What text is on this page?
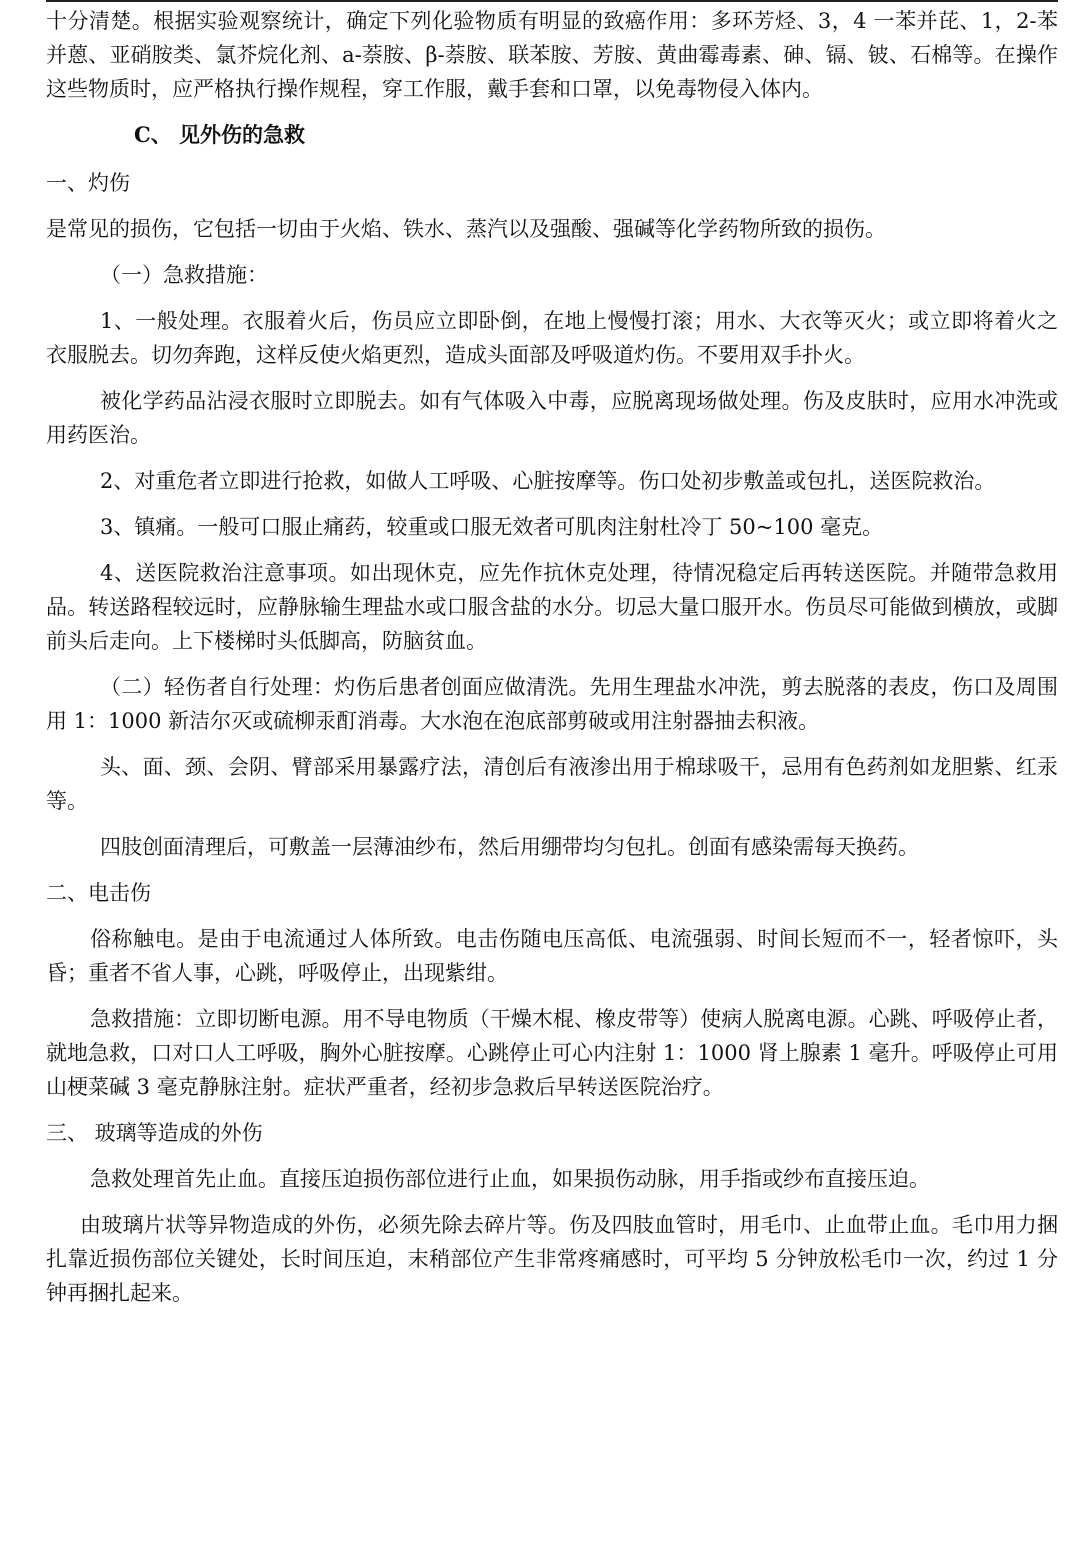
十分清楚。根据实验观察统计，确定下列化验物质有明显的致癌作用：多环芳烃、3，4 一苯并芘、1，2-苯并蒽、亚硝胺类、氯芥烷化剂、a-萘胺、β-萘胺、联苯胺、芳胺、黄曲霉毒素、砷、镉、铍、石棉等。在操作这些物质时，应严格执行操作规程，穿工作服，戴手套和口罩，以免毒物侵入体内。

C、 见外伤的急救

一、灼伤

是常见的损伤，它包括一切由于火焰、铁水、蒸汽以及强酸、强碱等化学药物所致的损伤。

（一）急救措施：

1、一般处理。衣服着火后，伤员应立即卧倒，在地上慢慢打滚；用水、大衣等灭火；或立即将着火之衣服脱去。切勿奔跑，这样反使火焰更烈，造成头面部及呼吸道灼伤。不要用双手扑火。

被化学药品沾浸衣服时立即脱去。如有气体吸入中毒，应脱离现场做处理。伤及皮肤时，应用水冲洗或用药医治。

2、对重危者立即进行抢救，如做人工呼吸、心脏按摩等。伤口处初步敷盖或包扎，送医院救治。

3、镇痛。一般可口服止痛药，较重或口服无效者可肌肉注射杜冷丁 50~100 毫克。

4、送医院救治注意事项。如出现休克，应先作抗休克处理，待情况稳定后再转送医院。并随带急救用品。转送路程较远时，应静脉输生理盐水或口服含盐的水分。切忌大量口服开水。伤员尽可能做到横放，或脚前头后走向。上下楼梯时头低脚高，防脑贫血。

（二）轻伤者自行处理：灼伤后患者创面应做清洗。先用生理盐水冲洗，剪去脱落的表皮，伤口及周围用 1：1000 新洁尔灭或硫柳汞酊消毒。大水泡在泡底部剪破或用注射器抽去积液。

头、面、颈、会阴、臂部采用暴露疗法，清创后有液渗出用于棉球吸干，忌用有色药剂如龙胆紫、红汞等。

四肢创面清理后，可敷盖一层薄油纱布，然后用绷带均匀包扎。创面有感染需每天换药。

二、电击伤

俗称触电。是由于电流通过人体所致。电击伤随电压高低、电流强弱、时间长短而不一，轻者惊吓，头昏；重者不省人事，心跳，呼吸停止，出现紫绀。

急救措施：立即切断电源。用不导电物质（干燥木棍、橡皮带等）使病人脱离电源。心跳、呼吸停止者，就地急救，口对口人工呼吸，胸外心脏按摩。心跳停止可心内注射 1：1000 肾上腺素 1 毫升。呼吸停止可用山梗菜碱 3 毫克静脉注射。症状严重者，经初步急救后早转送医院治疗。

三、 玻璃等造成的外伤

急救处理首先止血。直接压迫损伤部位进行止血，如果损伤动脉，用手指或纱布直接压迫。

由玻璃片状等异物造成的外伤，必须先除去碎片等。伤及四肢血管时，用毛巾、止血带止血。毛巾用力捆扎靠近损伤部位关键处，长时间压迫，末稍部位产生非常疼痛感时，可平均 5 分钟放松毛巾一次，约过 1 分钟再捆扎起来。
